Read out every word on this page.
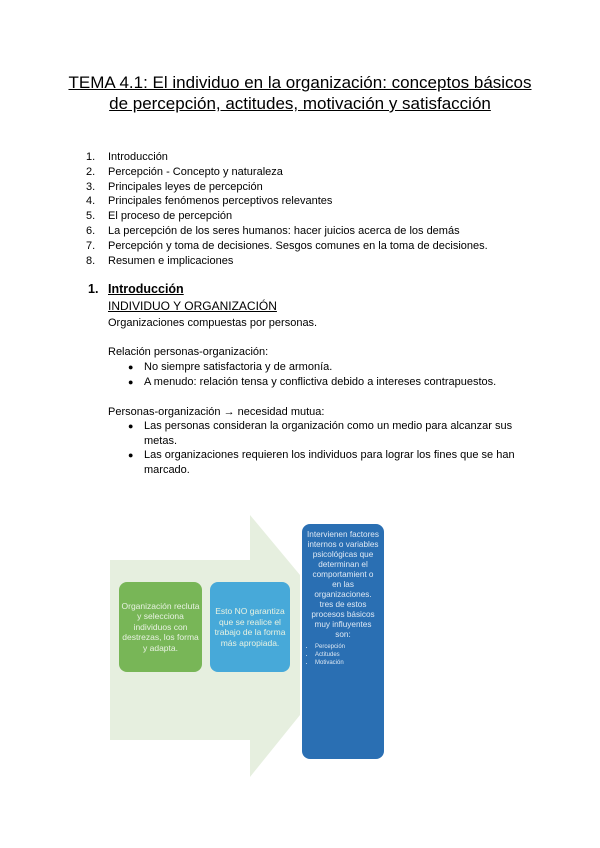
TEMA 4.1: El individuo en la organización: conceptos básicos de percepción, actitudes, motivación y satisfacción
1. Introducción
2. Percepción - Concepto y naturaleza
3. Principales leyes de percepción
4. Principales fenómenos perceptivos relevantes
5. El proceso de percepción
6. La percepción de los seres humanos: hacer juicios acerca de los demás
7. Percepción y toma de decisiones. Sesgos comunes en la toma de decisiones.
8. Resumen e implicaciones
1. Introducción
INDIVIDUO Y ORGANIZACIÓN
Organizaciones compuestas por personas.
Relación personas-organización:
● No siempre satisfactoria y de armonía.
● A menudo: relación tensa y conflictiva debido a intereses contrapuestos.
Personas-organización → necesidad mutua:
● Las personas consideran la organización como un medio para alcanzar sus metas.
● Las organizaciones requieren los individuos para lograr los fines que se han marcado.
Organización recluta y selecciona individuos con destrezas, los forma y adapta.
Esto NO garantiza que se realice el trabajo de la forma más apropiada.
Intervienen factores internos o variables psicológicas que determinan el comportamient o en las organizaciones. tres de estos procesos básicos muy influyentes son:
• Percepción
• Actitudes
• Motivación
